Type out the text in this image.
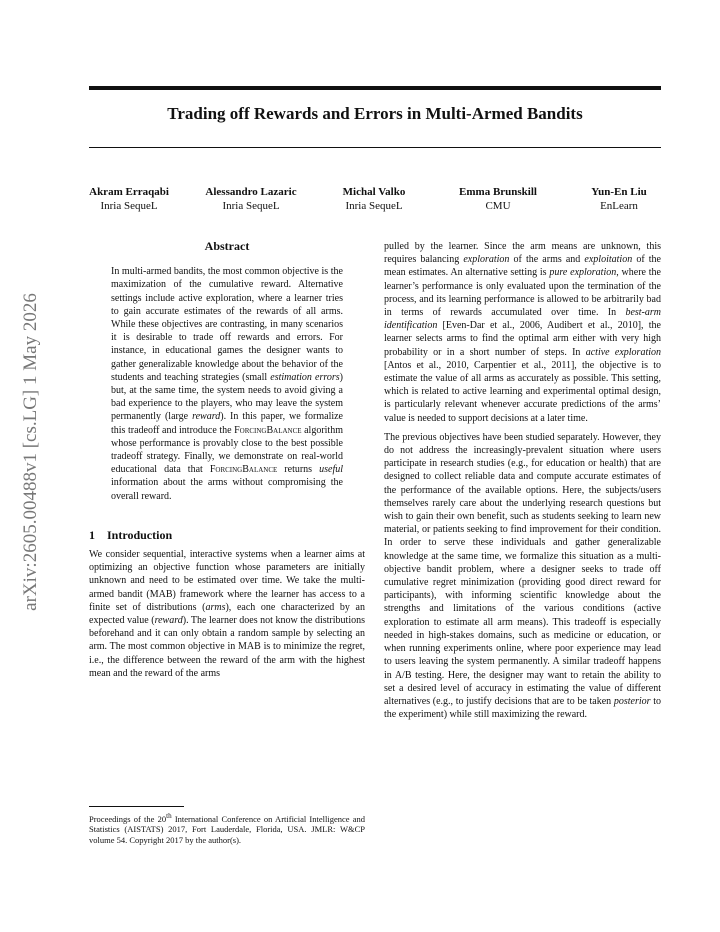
Trading off Rewards and Errors in Multi-Armed Bandits
Akram Erraqabi
Inria SequeL
Alessandro Lazaric
Inria SequeL
Michal Valko
Inria SequeL
Emma Brunskill
CMU
Yun-En Liu
EnLearn
arXiv:2605.00488v1 [cs.LG] 1 May 2026
Abstract

In multi-armed bandits, the most common objective is the maximization of the cumulative reward. Alternative settings include active exploration, where a learner tries to gain accurate estimates of the rewards of all arms. While these objectives are contrasting, in many scenarios it is desirable to trade off rewards and errors. For instance, in educational games the designer wants to gather generalizable knowledge about the behavior of the students and teaching strategies (small estimation errors) but, at the same time, the system needs to avoid giving a bad experience to the players, who may leave the system permanently (large reward). In this paper, we formalize this tradeoff and introduce the ForcingBalance algorithm whose performance is provably close to the best possible tradeoff strategy. Finally, we demonstrate on real-world educational data that ForcingBalance returns useful information about the arms without compromising the overall reward.

1 Introduction

We consider sequential, interactive systems when a learner aims at optimizing an objective function whose parameters are initially unknown and need to be estimated over time. We take the multi-armed bandit (MAB) framework where the learner has access to a finite set of distributions (arms), each one characterized by an expected value (reward). The learner does not know the distributions beforehand and it can only obtain a random sample by selecting an arm. The most common objective in MAB is to minimize the regret, i.e., the difference between the reward of the arm with the highest mean and the reward of the arms

pulled by the learner. Since the arm means are unknown, this requires balancing exploration of the arms and exploitation of the mean estimates. An alternative setting is pure exploration, where the learner’s performance is only evaluated upon the termination of the process, and its learning performance is allowed to be arbitrarily bad in terms of rewards accumulated over time. In best-arm identification [Even-Dar et al., 2006, Audibert et al., 2010], the learner selects arms to find the optimal arm either with very high probability or in a short number of steps. In active exploration [Antos et al., 2010, Carpentier et al., 2011], the objective is to estimate the value of all arms as accurately as possible. This setting, which is related to active learning and experimental optimal design, is particularly relevant whenever accurate predictions of the arms’ value is needed to support decisions at a later time.

The previous objectives have been studied separately. However, they do not address the increasingly-prevalent situation where users participate in research studies (e.g., for education or health) that are designed to collect reliable data and compute accurate estimates of the performance of the available options. Here, the subjects/users themselves rarely care about the underlying research questions but wish to gain their own benefit, such as students seeking to learn new material, or patients seeking to find improvement for their condition. In order to serve these individuals and gather generalizable knowledge at the same time, we formalize this situation as a multi-objective bandit problem, where a designer seeks to trade off cumulative regret minimization (providing good direct reward for participants), with informing scientific knowledge about the strengths and limitations of the various conditions (active exploration to estimate all arm means). This tradeoff is especially needed in high-stakes domains, such as medicine or education, or when running experiments online, where poor experience may lead to users leaving the system permanently. A similar tradeoff happens in A/B testing. Here, the designer may want to retain the ability to set a desired level of accuracy in estimating the value of different alternatives (e.g., to justify decisions that are to be taken posterior to the experiment) while still maximizing the reward.

Proceedings of the 20th International Conference on Artificial Intelligence and Statistics (AISTATS) 2017, Fort Lauderdale, Florida, USA. JMLR: W&CP volume 54. Copyright 2017 by the author(s).
